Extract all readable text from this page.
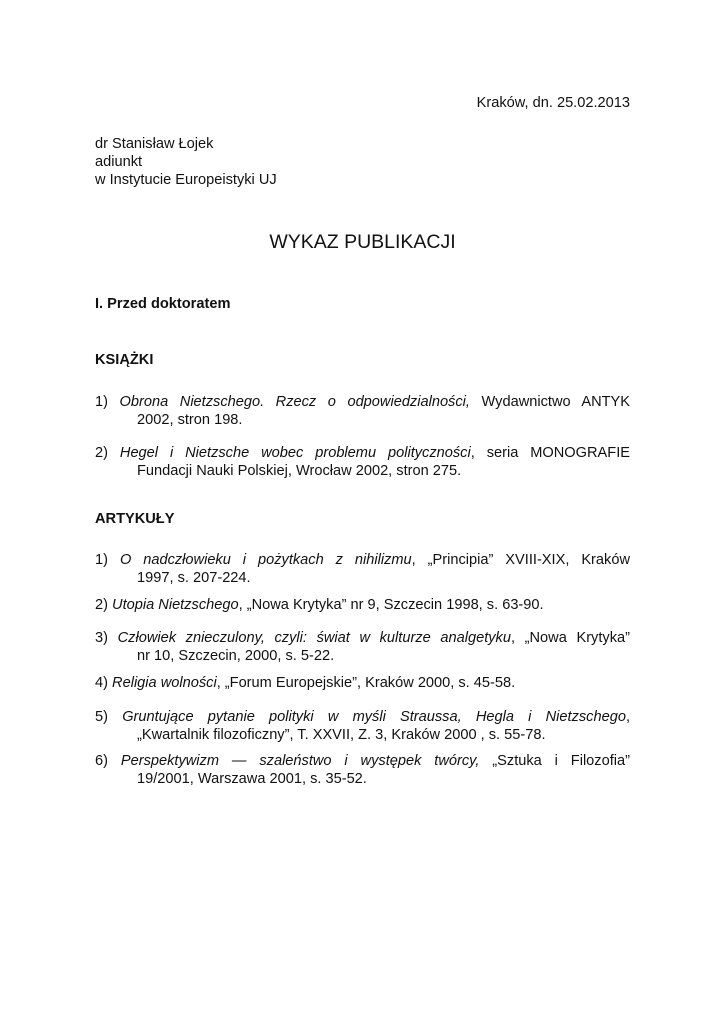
Kraków, dn. 25.02.2013
dr Stanisław Łojek
adiunkt
w Instytucie Europeistyki UJ
WYKAZ PUBLIKACJI
I. Przed doktoratem
KSIĄŻKI
1) Obrona Nietzschego. Rzecz o odpowiedzialności, Wydawnictwo ANTYK
2002, stron 198.
2) Hegel i Nietzsche wobec problemu polityczności, seria MONOGRAFIE
Fundacji Nauki Polskiej, Wrocław 2002, stron 275.
ARTYKUŁY
1) O nadczłowieku i pożytkach z nihilizmu, „Principia” XVIII-XIX, Kraków
1997, s. 207-224.
2) Utopia Nietzschego, „Nowa Krytyka” nr 9, Szczecin 1998, s. 63-90.
3) Człowiek znieczulony, czyli: świat w kulturze analgetyku, „Nowa Krytyka”
nr 10, Szczecin, 2000, s. 5-22.
4) Religia wolności, „Forum Europejskie”, Kraków 2000, s. 45-58.
5) Gruntujące pytanie polityki w myśli Straussa, Hegla i Nietzschego,
„Kwartalnik filozoficzny”, T. XXVII, Z. 3, Kraków 2000 , s. 55-78.
6) Perspektywizm — szaleństwo i występek twórcy, „Sztuka i Filozofia”
19/2001, Warszawa 2001, s. 35-52.
